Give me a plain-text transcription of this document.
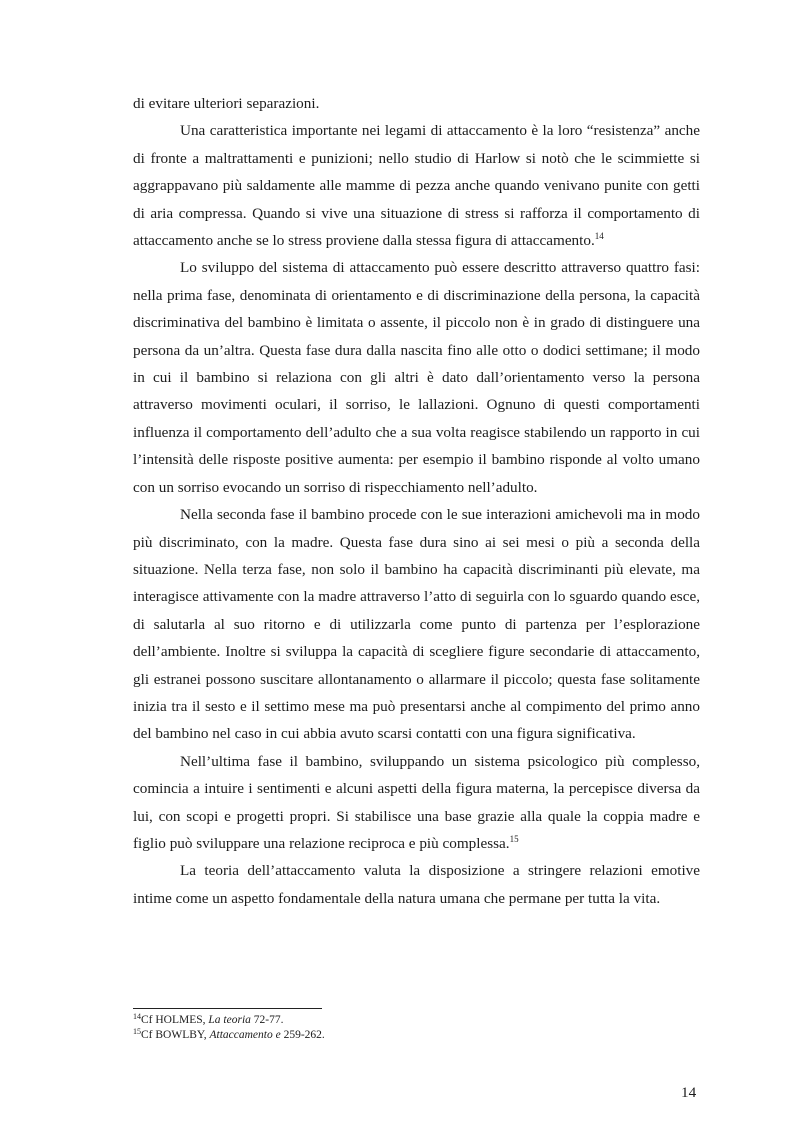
di evitare ulteriori separazioni.

Una caratteristica importante nei legami di attaccamento è la loro “resistenza” anche di fronte a maltrattamenti e punizioni; nello studio di Harlow si notò che le scimmiette si aggrappavano più saldamente alle mamme di pezza anche quando venivano punite con getti di aria compressa. Quando si vive una situazione di stress si rafforza il comportamento di attaccamento anche se lo stress proviene dalla stessa figura di attaccamento.$^{14}$

Lo sviluppo del sistema di attaccamento può essere descritto attraverso quattro fasi: nella prima fase, denominata di orientamento e di discriminazione della persona, la capacità discriminativa del bambino è limitata o assente, il piccolo non è in grado di distinguere una persona da un’altra. Questa fase dura dalla nascita fino alle otto o dodici settimane; il modo in cui il bambino si relaziona con gli altri è dato dall’orientamento verso la persona attraverso movimenti oculari, il sorriso, le lallazioni. Ognuno di questi comportamenti influenza il comportamento dell’adulto che a sua volta reagisce stabilendo un rapporto in cui l’intensità delle risposte positive aumenta: per esempio il bambino risponde al volto umano con un sorriso evocando un sorriso di rispecchiamento nell’adulto.

Nella seconda fase il bambino procede con le sue interazioni amichevoli ma in modo più discriminato, con la madre. Questa fase dura sino ai sei mesi o più a seconda della situazione. Nella terza fase, non solo il bambino ha capacità discriminanti più elevate, ma interagisce attivamente con la madre attraverso l’atto di seguirla con lo sguardo quando esce, di salutarla al suo ritorno e di utilizzarla come punto di partenza per l’esplorazione dell’ambiente. Inoltre si sviluppa la capacità di scegliere figure secondarie di attaccamento, gli estranei possono suscitare allontanamento o allarmare il piccolo; questa fase solitamente inizia tra il sesto e il settimo mese ma può presentarsi anche al compimento del primo anno del bambino nel caso in cui abbia avuto scarsi contatti con una figura significativa.

Nell’ultima fase il bambino, sviluppando un sistema psicologico più complesso, comincia a intuire i sentimenti e alcuni aspetti della figura materna, la percepisce diversa da lui, con scopi e progetti propri. Si stabilisce una base grazie alla quale la coppia madre e figlio può sviluppare una relazione reciproca e più complessa.$^{15}$

La teoria dell’attaccamento valuta la disposizione a stringere relazioni emotive intime come un aspetto fondamentale della natura umana che permane per tutta la vita.

$^{14}$Cf HOLMES, La teoria 72-77.

$^{15}$Cf BOWLBY, Attaccamento e 259-262.

14
